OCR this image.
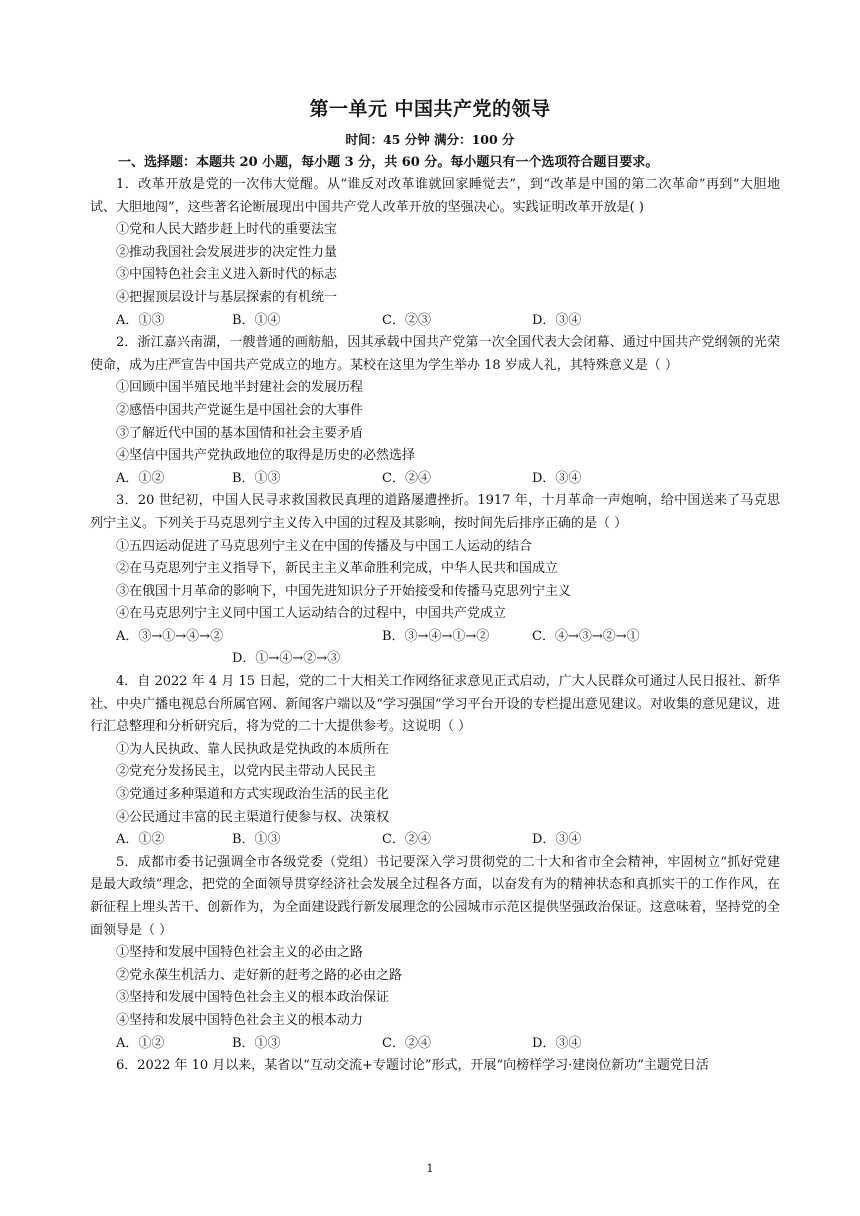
第一单元 中国共产党的领导
时间：45 分钟 满分：100 分
一、选择题：本题共 20 小题，每小题 3 分，共 60 分。每小题只有一个选项符合题目要求。

1．改革开放是党的一次伟大觉醒。从“谁反对改革谁就回家睡觉去”，到“改革是中国的第二次革命”再到“大胆地试、大胆地闯”，这些著名论断展现出中国共产党人改革开放的坚强决心。实践证明改革开放是( )

①党和人民大踏步赶上时代的重要法宝

②推动我国社会发展进步的决定性力量

③中国特色社会主义进入新时代的标志

④把握顶层设计与基层探索的有机统一

A．①③	B．①④	C．②③	D．③④

2．浙江嘉兴南湖，一艘普通的画舫船，因其承载中国共产党第一次全国代表大会闭幕、通过中国共产党纲领的光荣使命，成为庄严宣告中国共产党成立的地方。某校在这里为学生举办 18 岁成人礼，其特殊意义是（ ）

①回顾中国半殖民地半封建社会的发展历程

②感悟中国共产党诞生是中国社会的大事件

③了解近代中国的基本国情和社会主要矛盾

④坚信中国共产党执政地位的取得是历史的必然选择

A．①②	B．①③	C．②④	D．③④

3．20 世纪初，中国人民寻求救国救民真理的道路屡遭挫折。1917 年，十月革命一声炮响，给中国送来了马克思列宁主义。下列关于马克思列宁主义传入中国的过程及其影响，按时间先后排序正确的是（ ）

①五四运动促进了马克思列宁主义在中国的传播及与中国工人运动的结合

②在马克思列宁主义指导下，新民主主义革命胜利完成，中华人民共和国成立

③在俄国十月革命的影响下，中国先进知识分子开始接受和传播马克思列宁主义

④在马克思列宁主义同中国工人运动结合的过程中，中国共产党成立

A．③→①→④→②	B．③→④→①→②	C．④→③→②→①
D．①→④→②→③

4．自 2022 年 4 月 15 日起，党的二十大相关工作网络征求意见正式启动，广大人民群众可通过人民日报社、新华社、中央广播电视总台所属官网、新闻客户端以及“学习强国”学习平台开设的专栏提出意见建议。对收集的意见建议，进行汇总整理和分析研究后，将为党的二十大提供参考。这说明（ ）

①为人民执政、靠人民执政是党执政的本质所在

②党充分发扬民主，以党内民主带动人民民主

③党通过多种渠道和方式实现政治生活的民主化

④公民通过丰富的民主渠道行使参与权、决策权

A．①②	B．①③	C．②④	D．③④

5．成都市委书记强调全市各级党委（党组）书记要深入学习贯彻党的二十大和省市全会精神，牢固树立“抓好党建是最大政绩”理念，把党的全面领导贯穿经济社会发展全过程各方面，以奋发有为的精神状态和真抓实干的工作作风，在新征程上埋头苦干、创新作为，为全面建设践行新发展理念的公园城市示范区提供坚强政治保证。这意味着，坚持党的全面领导是（ ）

①坚持和发展中国特色社会主义的必由之路

②党永葆生机活力、走好新的赶考之路的必由之路

③坚持和发展中国特色社会主义的根本政治保证

④坚持和发展中国特色社会主义的根本动力

A．①②	B．①③	C．②④	D．③④

6．2022 年 10 月以来，某省以“互动交流+专题讨论”形式，开展“向榜样学习·建岗位新功”主题党日活

1
